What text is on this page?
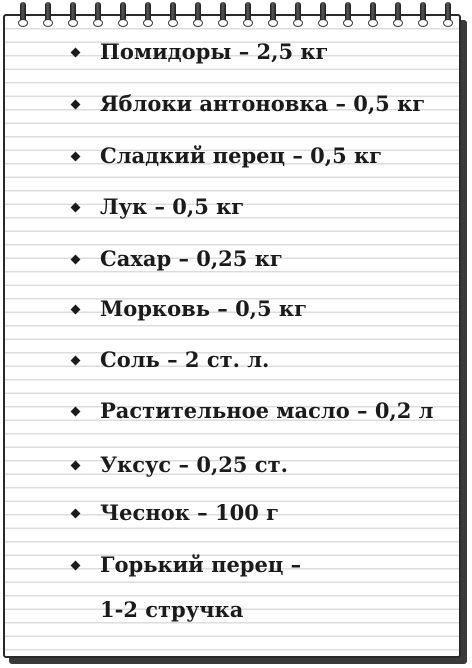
Помидоры – 2,5 кг
Яблоки антоновка – 0,5 кг
Сладкий перец – 0,5 кг
Лук – 0,5 кг
Сахар – 0,25 кг
Морковь – 0,5 кг
Соль – 2 ст. л.
Растительное масло – 0,2 л
Уксус – 0,25 ст.
Чеснок – 100 г
Горький перец –
1-2 стручка
